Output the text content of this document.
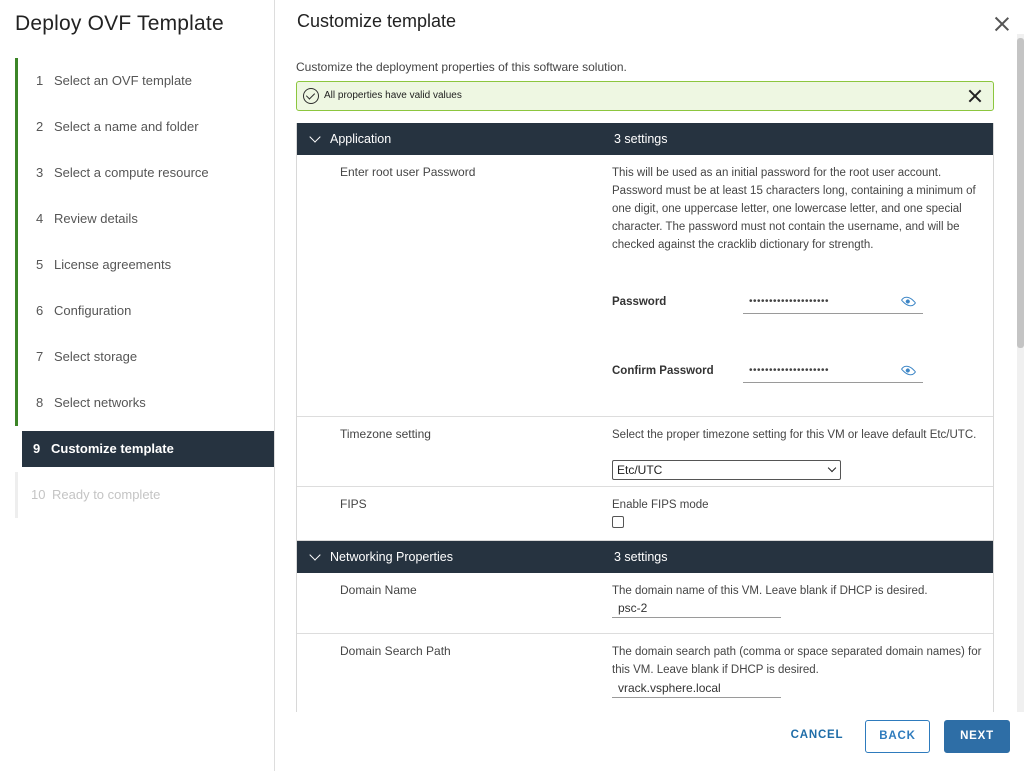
Deploy OVF Template
1 Select an OVF template
2 Select a name and folder
3 Select a compute resource
4 Review details
5 License agreements
6 Configuration
7 Select storage
8 Select networks
9 Customize template
10 Ready to complete
Customize template
Customize the deployment properties of this software solution.
All properties have valid values
Application	3 settings
Enter root user Password	This will be used as an initial password for the root user account. Password must be at least 15 characters long, containing a minimum of one digit, one uppercase letter, one lowercase letter, and one special character. The password must not contain the username, and will be checked against the cracklib dictionary for strength.
Password	••••••••••••••••••••
Confirm Password	••••••••••••••••••••
Timezone setting	Select the proper timezone setting for this VM or leave default Etc/UTC.
Etc/UTC
FIPS	Enable FIPS mode
Networking Properties	3 settings
Domain Name	The domain name of this VM. Leave blank if DHCP is desired.
psc-2
Domain Search Path	The domain search path (comma or space separated domain names) for this VM. Leave blank if DHCP is desired.
vrack.vsphere.local
CANCEL	BACK	NEXT
